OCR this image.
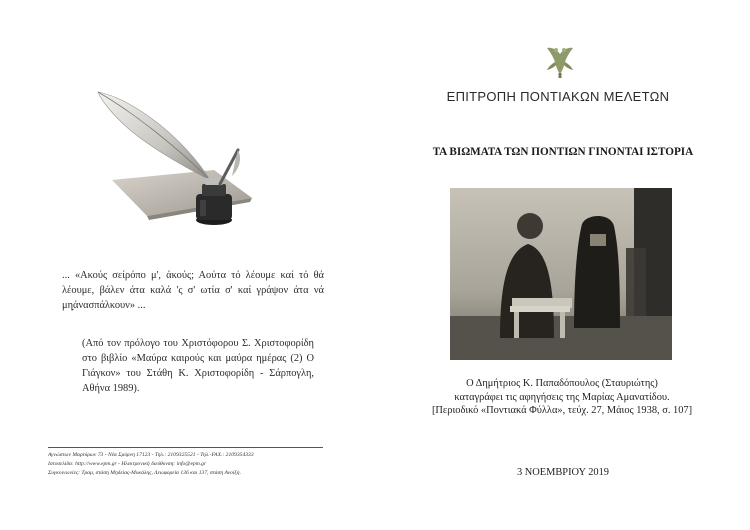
... «Ακούς σείρόπο μ', άκούς; Αούτα τό λέουμε καί τό θά λέουμε, βάλεν άτα καλά 'ς σ' ωτία σ' καί γράψον άτα νά μη̣άνασπάλκουν» ...
(Από τον πρόλογο του Χριστόφορου Σ. Χριστοφορίδη στο βιβλίο «Μαύρα καιρούς και μαύρα ημέρας (2) Ο Γιάγκον» του Στάθη Κ. Χριστοφορίδη - Σάρπογλη, Αθήνα 1989).
Αγνώστων Μαρτύρων 73 - Νέα Σμύρνη 17123 - Τηλ.: 2109325521 - Τηλ.-FAX.: 2109354333
Ιστοσελίδα: http://www.epm.gr - Ηλεκτρονική διεύθυνση: info@epm.gr
Συγκοινωνίες: Τραμ, στάση Μηδείας-Μυκάλης, Λεωφορεία 136 και 137, στάση Ανοίξη.
ΕΠΙΤΡΟΠΗ ΠΟΝΤΙΑΚΩΝ ΜΕΛΕΤΩΝ
ΤΑ ΒΙΩΜΑΤΑ ΤΩΝ ΠΟΝΤΙΩΝ ΓΙΝΟΝΤΑΙ ΙΣΤΟΡΙΑ
Ο Δημήτριος Κ. Παπαδόπουλος (Σταυριώτης)
καταγράφει τις αφηγήσεις της Μαρίας Αμανατίδου.
[Περιοδικό «Ποντιακά Φύλλα», τεύχ. 27, Μάιος 1938, σ. 107]
3 ΝΟΕΜΒΡΙΟΥ 2019
